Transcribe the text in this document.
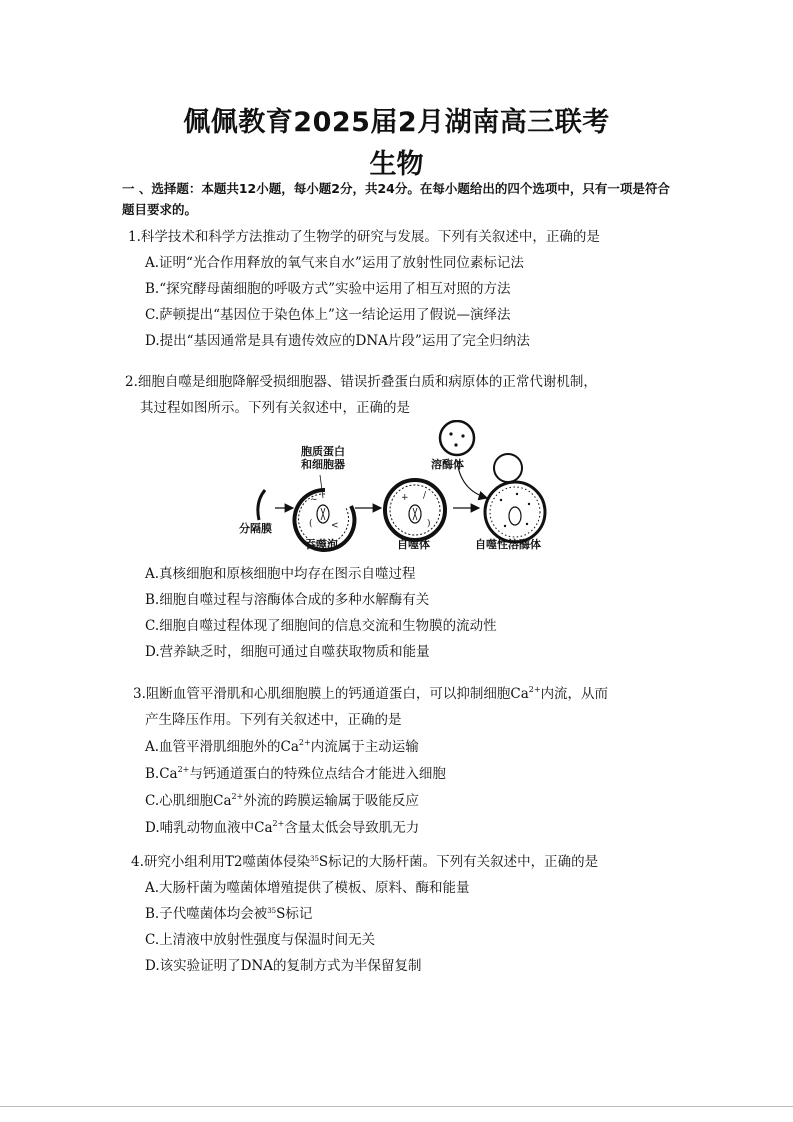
佩佩教育2025届2月湖南高三联考
生物
一 、选择题：本题共12小题，每小题2分，共24分。在每小题给出的四个选项中，只有一项是符合题目要求的。
1.科学技术和科学方法推动了生物学的研究与发展。下列有关叙述中，正确的是
A.证明“光合作用释放的氧气来自水”运用了放射性同位素标记法
B.“探究酵母菌细胞的呼吸方式”实验中运用了相互对照的方法
C.萨顿提出“基因位于染色体上”这一结论运用了假说—演绎法
D.提出“基因通常是具有遗传效应的DNA片段”运用了完全归纳法
2.细胞自噬是细胞降解受损细胞器、错误折叠蛋白质和病原体的正常代谢机制，
其过程如图所示。下列有关叙述中，正确的是
~
<
(
+ /
)
分隔膜
胞质蛋白
和细胞器
吞噬泡	自噬体
溶酶体
自噬性溶酶体
A.真核细胞和原核细胞中均存在图示自噬过程
B.细胞自噬过程与溶酶体合成的多种水解酶有关
C.细胞自噬过程体现了细胞间的信息交流和生物膜的流动性
D.营养缺乏时，细胞可通过自噬获取物质和能量
3.阻断血管平滑肌和心肌细胞膜上的钙通道蛋白，可以抑制细胞$Ca^{2+}$内流，从而
产生降压作用。下列有关叙述中，正确的是
A.血管平滑肌细胞外的$Ca^{2+}$内流属于主动运输
$B.Ca^{2+}$与钙通道蛋白的特殊位点结合才能进入细胞
C.心肌细胞$Ca^{2+}$外流的跨膜运输属于吸能反应
D.哺乳动物血液中$Ca^{2+}$含量太低会导致肌无力
4.研究小组利用T2噬菌体侵染$^{35}$S标记的大肠杆菌。下列有关叙述中，正确的是
A.大肠杆菌为噬菌体增殖提供了模板、原料、酶和能量
B.子代噬菌体均会被$^{35}$S标记
C.上清液中放射性强度与保温时间无关
D.该实验证明了DNA的复制方式为半保留复制
